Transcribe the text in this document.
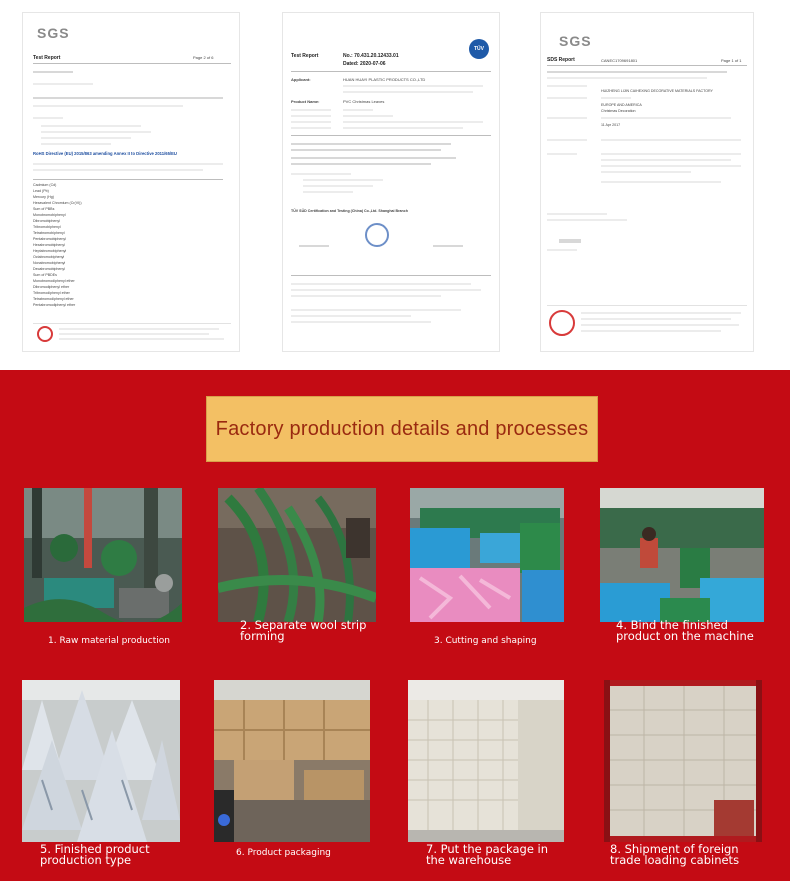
SGS
Test Report	Page 2 of 6
RoHS Directive (EU) 2015/863 amending Annex II to Directive 2011/65/EU
Cadmium (Cd)
Lead (Pb)
Mercury (Hg)
Hexavalent Chromium (Cr(VI))
Sum of PBBs
Monobromobiphenyl
Dibromobiphenyl
Tribromobiphenyl
Tetrabromobiphenyl
Pentabromobiphenyl
Hexabromobiphenyl
Heptabromobiphenyl
Octabromobiphenyl
Nonabromobiphenyl
Decabromobiphenyl
Sum of PBDEs
Monobromodiphenyl ether
Dibromodiphenyl ether
Tribromodiphenyl ether
Tetrabromodiphenyl ether
Pentabromodiphenyl ether
TÜV
Test Report	No.: 70.431.20.12433.01
Dated: 2020-07-06
Applicant:	HUAN HUAYI PLASTIC PRODUCTS CO.,LTD
Product Name:	PVC Christmas Leaves
TÜV SÜD Certification and Testing (China) Co.,Ltd. Shanghai Branch
SGS
SDS Report	CANEC1709691801	Page 1 of 1
HUIZHENG LIJIN CAIHEXING DECORATIVE MATERIALS FACTORY
EUROPE AND AMERICA
Christmas Decoration
11 Apr 2017
Factory production details and processes
1. Raw material production
2. Separate wool strip forming	3. Cutting and shaping
4. Bind the finished product on the machine
5. Finished product production type	6. Product packaging	7. Put the package in the warehouse
8. Shipment of foreign trade loading cabinets
